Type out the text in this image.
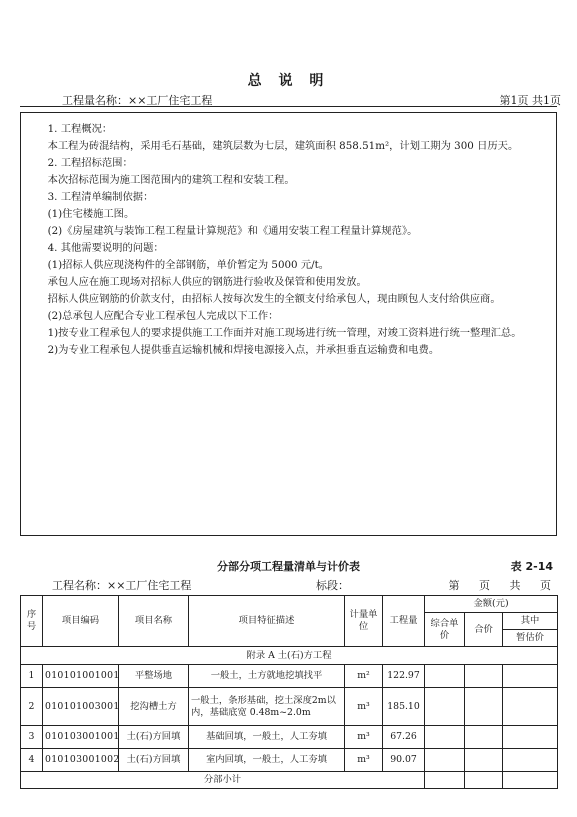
总 说 明
工程量名称：××工厂住宅工程	第1页 共1页

1. 工程概况：

本工程为砖混结构，采用毛石基础，建筑层数为七层，建筑面积 858.51m²，计划工期为 300 日历天。

2. 工程招标范围：

本次招标范围为施工图范围内的建筑工程和安装工程。

3. 工程清单编制依据：

(1)住宅楼施工图。

(2)《房屋建筑与装饰工程工程量计算规范》和《通用安装工程工程量计算规范》。

4. 其他需要说明的问题：

(1)招标人供应现浇构件的全部钢筋，单价暂定为 5000 元/t。

承包人应在施工现场对招标人供应的钢筋进行验收及保管和使用发放。

招标人供应钢筋的价款支付，由招标人按每次发生的全额支付给承包人，现由顾包人支付给供应商。

(2)总承包人应配合专业工程承包人完成以下工作：

1)按专业工程承包人的要求提供施工工作面并对施工现场进行统一管理，对竣工资料进行统一整理汇总。

2)为专业工程承包人提供垂直运输机械和焊接电源接入点，并承担垂直运输费和电费。

分部分项工程量清单与计价表	表 2-14
工程名称：××工厂住宅工程	标段：	第 页 共 页
序号	项目编码	项目名称	项目特征描述	计量单位	工程量	金额(元)		
						综合单价	合价	其中
								暂估价
附录 A 土(石)方工程								
1	010101001001	平整场地	一般土，土方就地挖填找平	m²	122.97			
2	010101003001	挖沟槽土方	一般土，条形基础，挖土深度2m以内，基础底宽 0.48m~2.0m	m³	185.10			
3	010103001001	土(石)方回填	基础回填，一般土，人工夯填	m³	67.26			
4	010103001002	土(石)方回填	室内回填，一般土，人工夯填	m³	90.07			
分部小计								
